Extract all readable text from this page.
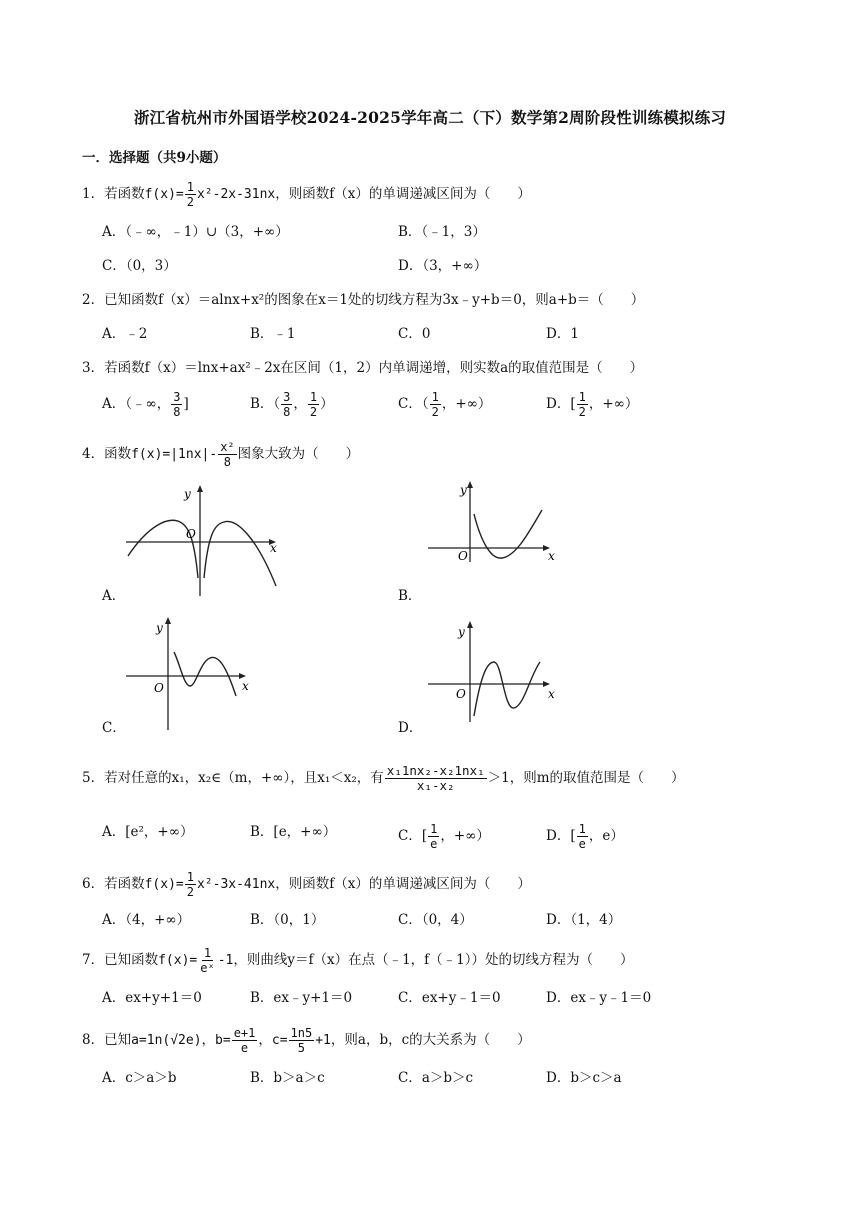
浙江省杭州市外国语学校2024-2025学年高二（下）数学第2周阶段性训练模拟练习
一．选择题（共9小题）
1．若函数$f(x)= \frac{1}{2} x^2-2x-31nx$，则函数f（x）的单调递减区间为（　　）
A．（﹣∞，﹣1）∪（3，+∞）	B．（﹣1，3）
C．（0，3）	D．（3，+∞）
2．已知函数f（x）＝alnx+x²的图象在x＝1处的切线方程为3x﹣y+b＝0，则a+b＝（　　）
A．﹣2	B．﹣1	C．0	D．1
3．若函数f（x）＝lnx+ax²﹣2x在区间（1，2）内单调递增，则实数a的取值范围是（　　）
A．（﹣∞， $\frac{3}{8}$ ]	B．（ $\frac{3}{8}$ ， $\frac{1}{2}$ ）	C．（ $\frac{1}{2}$ ，+∞）	D．[ $\frac{1}{2}$ ，+∞）
4．函数$f(x)=|1nx|- \frac{\text{x²}}{8}$ 图象大致为（　　）
y
x
O
A．
y
x
O
B．
y
x
O
C．
y
x
O
D．
5．若对任意的x₁，x₂∈（m，+∞），且x₁＜x₂，有 $\frac{\text{x₁1nx₂-x₂1nx₁}}{\text{x₁-x₂}} >1$，则m的取值范围是（　　）
A．[e²，+∞）	B．[e，+∞）	C．[ $\frac{1}{e}$ ，+∞）	D．[ $\frac{1}{e}$ ，e）
6．若函数$f(x)= \frac{1}{2} x^2-3x-41nx$，则函数f（x）的单调递减区间为（　　）
A．（4，+∞）	B．（0，1）	C．（0，4）	D．（1，4）
7．已知函数$f(x)= \frac{1}{\text{eˣ}} -1$，则曲线y＝f（x）在点（﹣1，f（﹣1））处的切线方程为（　　）
A．ex+y+1＝0	B．ex﹣y+1＝0	C．ex+y﹣1＝0	D．ex﹣y﹣1＝0
8．已知a=1n(√2e)，$b= \frac{e+1}{e}$ ，$c= \frac{1n5}{5} +1$，则a，b，c的大关系为（　　）
A．c＞a＞b	B．b＞a＞c	C．a＞b＞c	D．b＞c＞a
